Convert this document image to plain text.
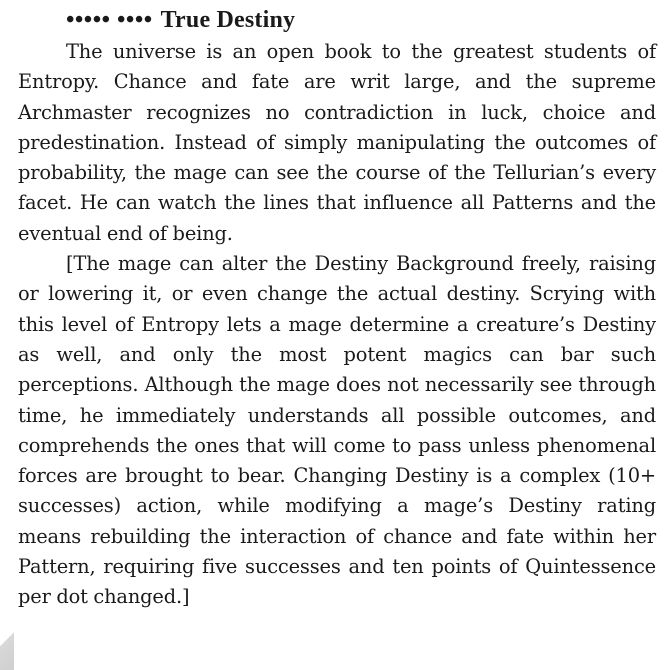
••••• •••• True Destiny

The universe is an open book to the greatest students of Entropy. Chance and fate are writ large, and the supreme Archmaster recognizes no contradiction in luck, choice and predestination. Instead of simply manipulating the outcomes of probability, the mage can see the course of the Tellurian’s every facet. He can watch the lines that influence all Patterns and the eventual end of being.

[The mage can alter the Destiny Background freely, raising or lowering it, or even change the actual destiny. Scrying with this level of Entropy lets a mage determine a creature’s Destiny as well, and only the most potent magics can bar such perceptions. Although the mage does not necessarily see through time, he immediately understands all possible outcomes, and comprehends the ones that will come to pass unless phenomenal forces are brought to bear. Changing Destiny is a complex (10+ successes) action, while modifying a mage’s Destiny rating means rebuilding the interaction of chance and fate within her Pattern, requiring five successes and ten points of Quintessence per dot changed.]
